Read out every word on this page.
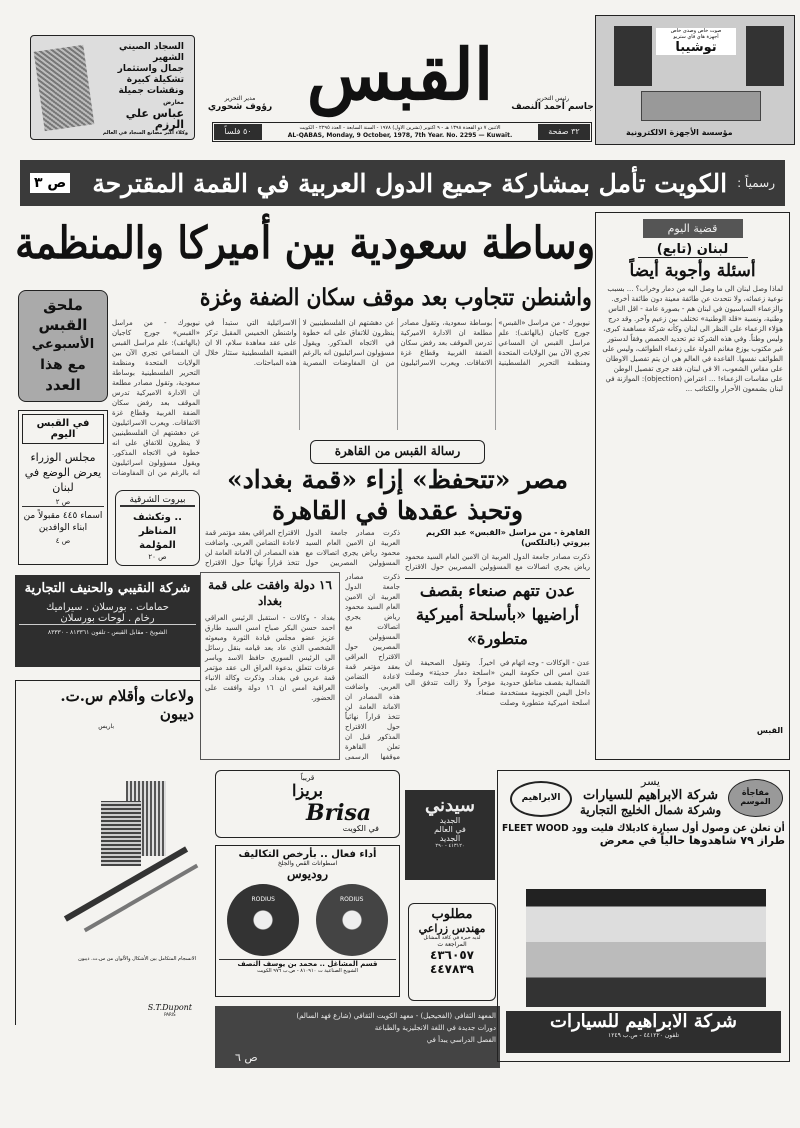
السجاد الصيني الشهير
جمال واستثمار
تشكيلة كبيرة
ونقشات جميلة
معارض
عباس علي الرزم
وكلاء أكبر مصانع السجاد في العالم
القبس
مدير التحرير
رؤوف شحوري
رئيس التحرير
جاسم أحمد النصف
٣٢ صفحة
الاثنين ٧ ذو القعدة ١٣٩٨ هـ - ٩ اكتوبر (تشرين الأول) ١٩٧٨ - السنة السابعة - العدد ٢٢٩٥ - الكويت
AL-QABAS, Monday, 9 October, 1978, 7th Year. No. 2295 — Kuwait.
٥٠ فلساً
صوت خاص وصدى خاص
أجهزة هاي فاي ستريو
توشيبا
مؤسسة الأجهزة الالكترونية
رسمياً :
الكويت تأمل بمشاركة جميع الدول العربية في القمة المقترحة
ص ٣
وساطة سعودية بين أميركا والمنظمة
واشنطن تتجاوب بعد موقف سكان الضفة وغزة
نيويورك - من مراسل «القبس» جورج كاجيان (بالهاتف): علم مراسل القبس ان المساعي تجري الآن بين الولايات المتحدة ومنظمة التحرير الفلسطينية بوساطة سعودية، وتقول مصادر مطلعة ان الادارة الاميركية تدرس الموقف بعد رفض سكان الضفة الغربية وقطاع غزة الاتفاقات. ويعرب الاسرائيليون عن دهشتهم ان الفلسطينيين لا ينظرون للاتفاق على انه خطوة في الاتجاه المذكور. ويقول مسؤولون اسرائيليون انه بالرغم من ان المفاوضات المصرية الاسرائيلية التي ستبدأ في واشنطن الخميس المقبل تركز على عقد معاهدة سلام، الا ان القضية الفلسطينية ستثار خلال هذه المباحثات.
قضية اليوم
لبنان (تابع)
أسئلة وأجوبة أيضاً
لماذا وصل لبنان الى ما وصل اليه من دمار وخراب؟ ... بسبب نوعية زعمائه، ولا نتحدث عن طائفة معينة دون طائفة أخرى. والزعماء السياسيون في لبنان هم - بصورة عامة - اقل الناس وطنية، ونسبة «قلة الوطنية» تختلف بين زعيم وآخر. وقد درج هؤلاء الزعماء على النظر الى لبنان وكأنه شركة مساهمة كبرى، وليس وطناً. وفي هذه الشركة تم تحديد الحصص وفقاً لدستور غير مكتوب يوزع مغانم الدولة على زعماء الطوائف، وليس على الطوائف نفسها. القاعدة في العالم هي ان يتم تفصيل الاوطان على مقاس الشعوب، الا في لبنان، فقد جرى تفصيل الوطن على مقاسات الزعماء! ... اعتراض (objection): الموازنة في لبنان بشمعون الأحرار والكتائب ...
القبس
ملحق
القبس
الأسبوعي
مع هذا
العدد
في القبس اليوم
مجلس الوزراء يعرض الوضع في لبنان
ص ٢
اسماء ٤٤٥ مقبولاً من ابناء الوافدين
ص ٤
بيروت الشرقية
.. وتكشف المناظر المؤلمة
ص ٢٠
نيويورك - من مراسل «القبس» جورج كاجيان (بالهاتف): علم مراسل القبس ان المساعي تجري الآن بين الولايات المتحدة ومنظمة التحرير الفلسطينية بوساطة سعودية، وتقول مصادر مطلعة ان الادارة الاميركية تدرس الموقف بعد رفض سكان الضفة الغربية وقطاع غزة الاتفاقات. ويعرب الاسرائيليون عن دهشتهم ان الفلسطينيين لا ينظرون للاتفاق على انه خطوة في الاتجاه المذكور. ويقول مسؤولون اسرائيليون انه بالرغم من ان المفاوضات
شركة النقيبي والحنيف التجارية
حمامات . بورسلان . سيراميك
رخام . لوحات بورسلان
الشويخ - مقابل القبس - تلفون ٨١٣٣٦١ - ٨٣٣٣٠
ولاعات وأقلام س.ت. ديبون
باريس
الانسجام المتكامل بين الأشكال والألوان من س.ت. ديبون
S.T.Dupont
PARIS
رسالة القبس من القاهرة
مصر «تتحفظ» إزاء «قمة بغداد»
وتحبذ عقدها في القاهرة
القاهرة - من مراسل «القبس» عبد الكريم بيروتي (بالتلكس)
ذكرت مصادر جامعة الدول العربية ان الامين العام السيد محمود رياض يجري اتصالات مع المسؤولين المصريين حول الاقتراح العراقي بعقد مؤتمر قمة لاعادة التضامن العربي. واضافت هذه المصادر ان الامانة العامة لن تتخذ قراراً نهائياً حول الاقتراح
ذكرت مصادر جامعة الدول العربية ان الامين العام السيد محمود رياض يجري اتصالات مع المسؤولين المصريين حول الاقتراح
١٦ دولة وافقت على قمة بغداد
بغداد - وكالات - استقبل الرئيس العراقي احمد حسن البكر صباح امس السيد طارق عزيز عضو مجلس قيادة الثورة ومبعوثه الشخصي الذي عاد بعد قيامه بنقل رسائل الى الرئيس السوري حافظ الاسد وياسر عرفات تتعلق بدعوة العراق الى عقد مؤتمر قمة عربي في بغداد. وذكرت وكالة الانباء العراقية امس ان ١٦ دولة وافقت على الحضور.
ذكرت مصادر جامعة الدول العربية ان الامين العام السيد محمود رياض يجري اتصالات مع المسؤولين المصريين حول الاقتراح العراقي بعقد مؤتمر قمة لاعادة التضامن العربي. واضافت هذه المصادر ان الامانة العامة لن تتخذ قراراً نهائياً حول الاقتراح المذكور قبل ان تعلن القاهرة موقفها الرسمي
عدن تتهم صنعاء بقصف أراضيها «بأسلحة أميركية متطورة»
عدن - الوكالات - وجه اتهام في عدن امس الى حكومة اليمن الشمالية بقصف مناطق حدودية داخل اليمن الجنوبية مستخدمة اسلحة اميركية متطورة وصلت اخيراً. وتقول الصحيفة ان «اسلحة دمار حديثة» وصلت مؤخراً ولا زالت تتدفق الى صنعاء.
قريباً
بريزا
Brisa
في الكويت
أداء فعال .. بأرخص التكاليف
اسطوانات القص والجلخ
روديوس
RODIUS
RODIUS
قسم المشاغل .. محمد بن يوسف النصف
الشويخ الصناعية ت ٨١٠٩١٠ - ص.ب ٩٧٦ الكويت
سيدني
الجديد
في العالم
الجديد
٤١٣١٢٠ - ٢٩٠
مطلوب
مهندس زراعي
لديه خبرة في كافة المشاتل
المراجعة ت
٤٣٦٠٥٧
٤٤٧٨٣٩
المعهد الثقافي (الفحيحيل) - معهد الكويت الثقافي (شارع فهد السالم)
دورات جديدة في اللغة الانجليزية والطباعة
الفصل الدراسي يبدأ في
ص ٦
مفاجأة الموسم
الابراهيم
يسر
شركة الابراهيم للسيارات
وشركة شمال الخليج التجارية
أن تعلن عن وصول أول سيارة كاديلاك فليت وود FLEET WOOD
طراز ٧٩ شاهدوها حالياً في معرض
شركة الابراهيم للسيارات
تلفون ٤٤١٢٢٠ - ص.ب ١٢٤٩
